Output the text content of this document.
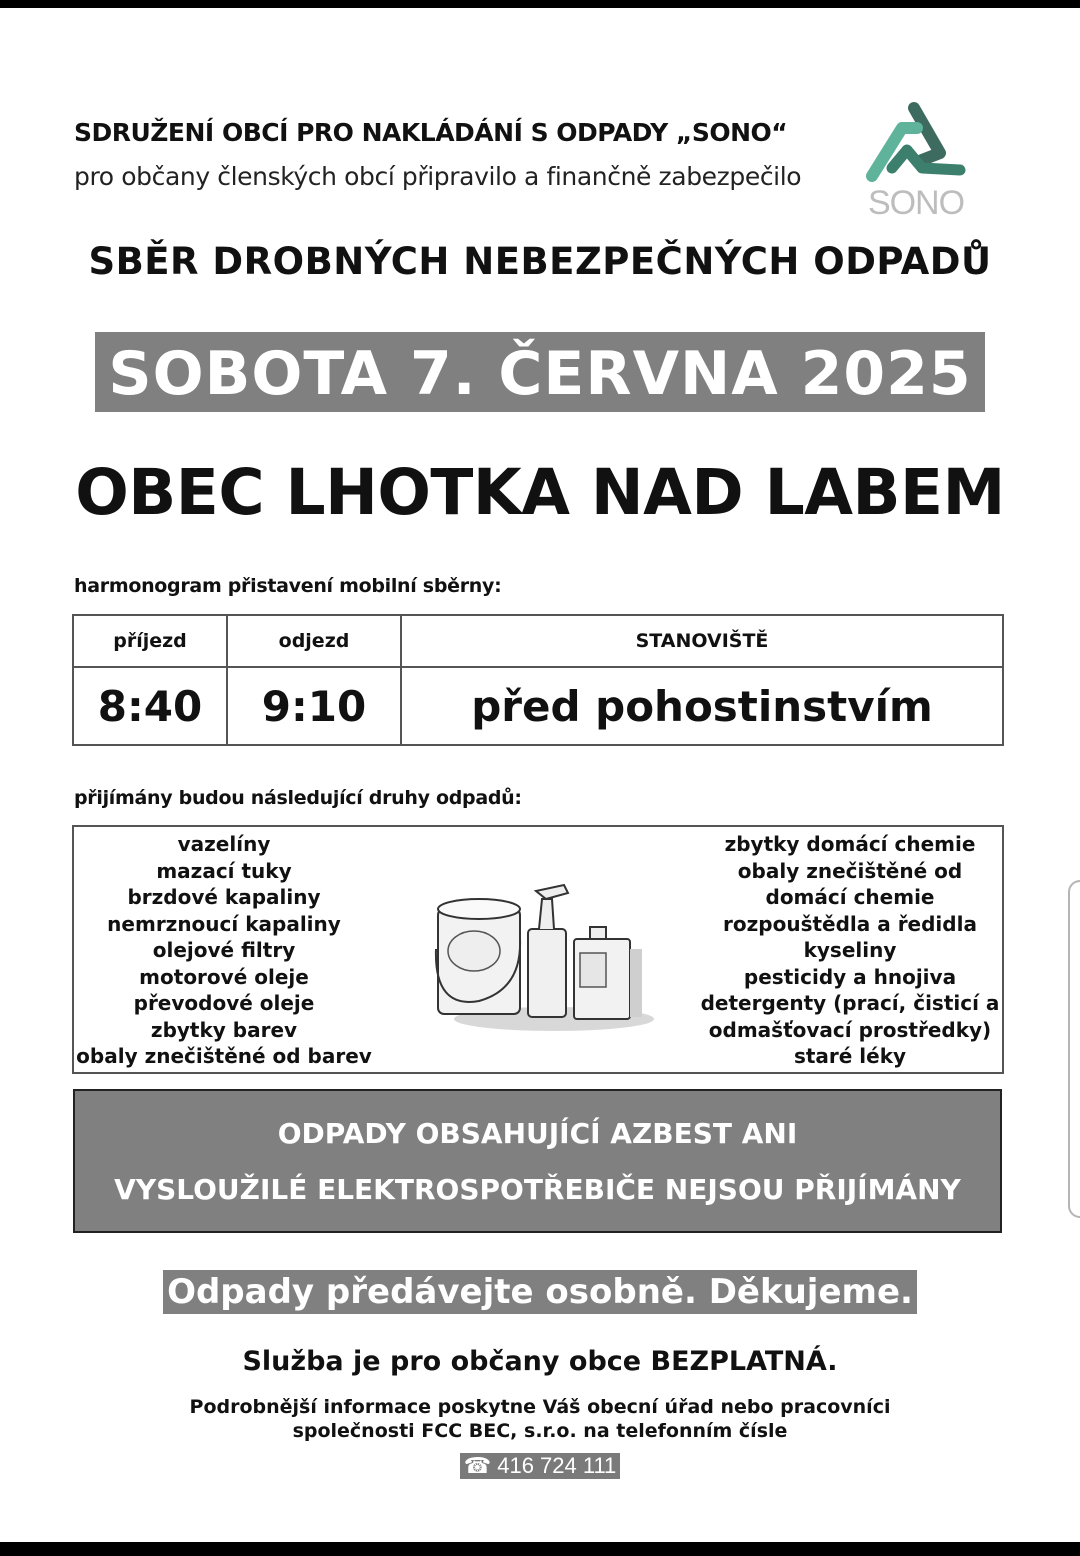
SDRUŽENÍ OBCÍ PRO NAKLÁDÁNÍ S ODPADY „SONO“
pro občany členských obcí připravilo a finančně zabezpečilo
SONO
SBĚR DROBNÝCH NEBEZPEČNÝCH ODPADŮ
SOBOTA 7. ČERVNA 2025
OBEC LHOTKA NAD LABEM
harmonogram přistavení mobilní sběrny:
příjezd	odjezd	STANOVIŠTĚ
8:40	9:10	před pohostinstvím
přijímány budou následující druhy odpadů:
vazelíny
mazací tuky
brzdové kapaliny
nemrznoucí kapaliny
olejové filtry
motorové oleje
převodové oleje
zbytky barev
obaly znečištěné od barev
zbytky domácí chemie
obaly znečištěné od
domácí chemie
rozpouštědla a ředidla
kyseliny
pesticidy a hnojiva
detergenty (prací, čisticí a
odmašťovací prostředky)
staré léky
ODPADY OBSAHUJÍCÍ AZBEST ANI
VYSLOUŽILÉ ELEKTROSPOTŘEBIČE NEJSOU PŘIJÍMÁNY
Odpady předávejte osobně. Děkujeme.
Služba je pro občany obce BEZPLATNÁ.
Podrobnější informace poskytne Váš obecní úřad nebo pracovníci
společnosti FCC BEC, s.r.o. na telefonním čísle
☎ 416 724 111
